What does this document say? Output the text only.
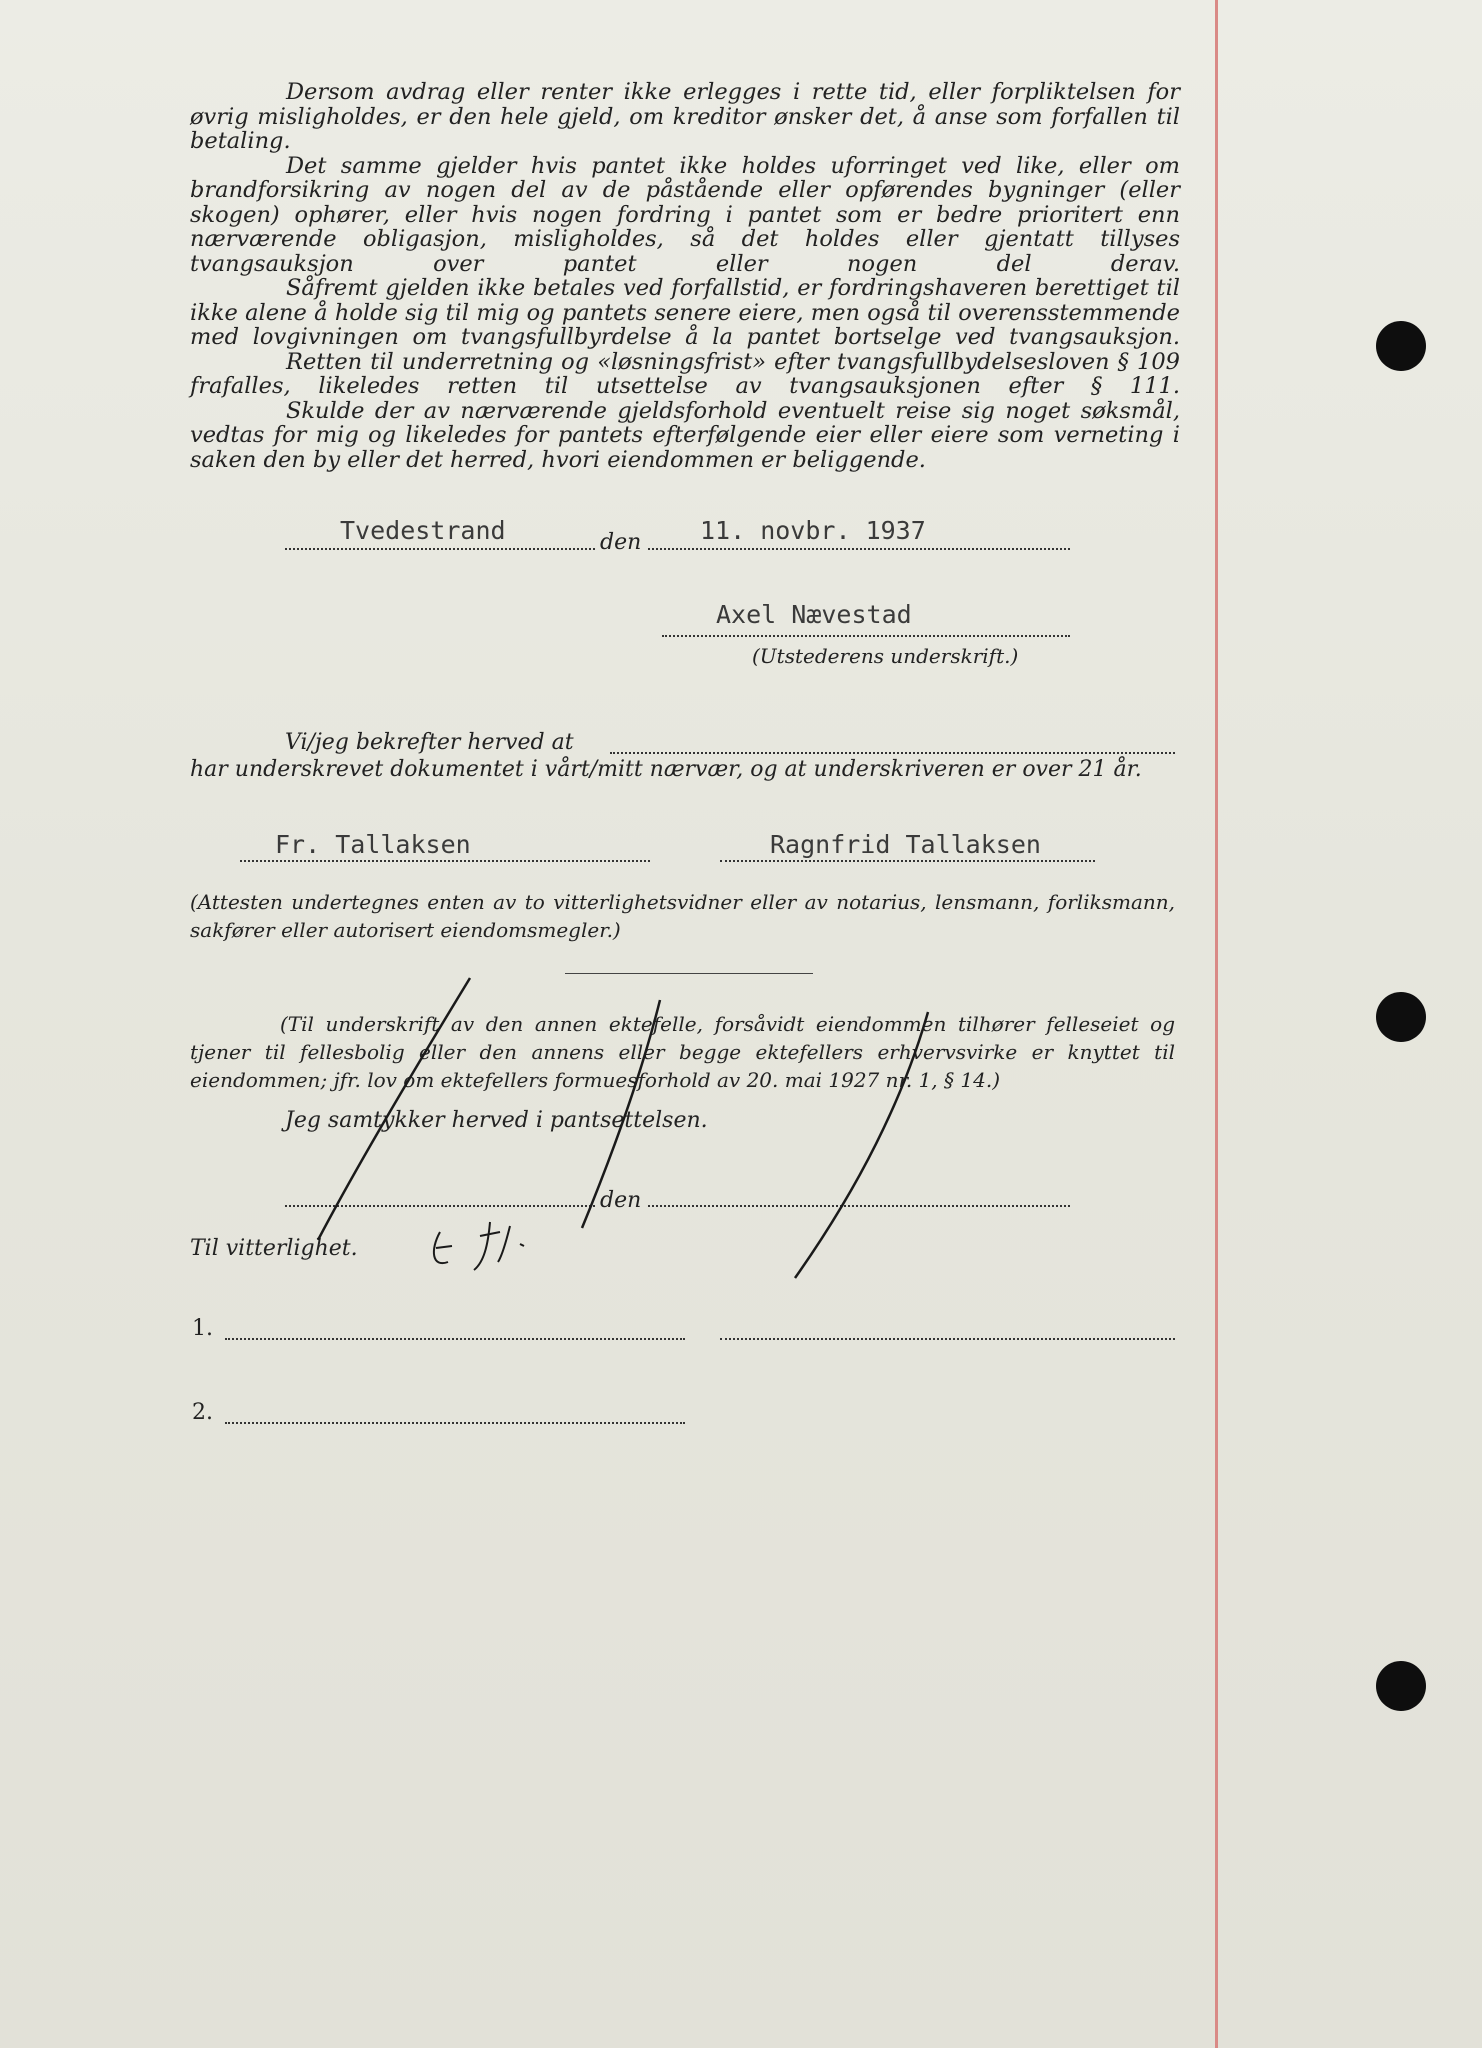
Dersom avdrag eller renter ikke erlegges i rette tid, eller forpliktelsen for øvrig misligholdes, er den hele gjeld, om kreditor ønsker det, å anse som forfallen til betaling.

Det samme gjelder hvis pantet ikke holdes uforringet ved like, eller om brandforsikring av nogen del av de påstående eller opførendes bygninger (eller skogen) ophører, eller hvis nogen fordring i pantet som er bedre prioritert enn nærværende obligasjon, misligholdes, så det holdes eller gjentatt tillyses tvangsauksjon over pantet eller nogen del derav.

Såfremt gjelden ikke betales ved forfallstid, er fordringshaveren berettiget til ikke alene å holde sig til mig og pantets senere eiere, men også til overensstemmende med lovgivningen om tvangsfullbyrdelse å la pantet bortselge ved tvangsauksjon.

Retten til underretning og «løsningsfrist» efter tvangsfullbydelsesloven § 109 frafalles, likeledes retten til utsettelse av tvangsauksjonen efter § 111.

Skulde der av nærværende gjeldsforhold eventuelt reise sig noget søksmål, vedtas for mig og likeledes for pantets efterfølgende eier eller eiere som verneting i saken den by eller det herred, hvori eiendommen er beliggende.

Tvedestrand	den 11. novbr. 1937
Axel Nævestad
(Utstederens underskrift.)
Vi/jeg bekrefter herved at
har underskrevet dokumentet i vårt/mitt nærvær, og at underskriveren er over 21 år.
Fr. Tallaksen	Ragnfrid Tallaksen
(Attesten undertegnes enten av to vitterlighetsvidner eller av notarius, lensmann, forliksmann, sakfører eller autorisert eiendomsmegler.)
(Til underskrift av den annen ektefelle, forsåvidt eiendommen tilhører felleseiet og tjener til fellesbolig eller den annens eller begge ektefellers erhvervsvirke er knyttet til eiendommen; jfr. lov om ektefellers formuesforhold av 20. mai 1927 nr. 1, § 14.)
Jeg samtykker herved i pantsettelsen.
den
Til vitterlighet.
1.
2.
